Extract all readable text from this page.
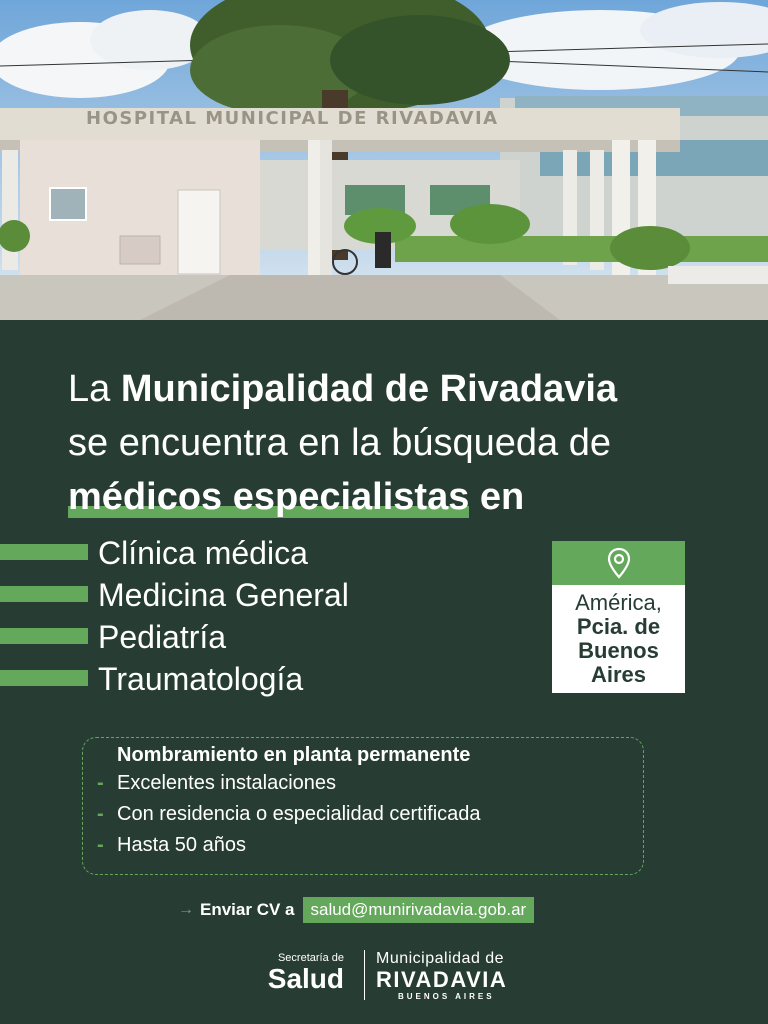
HOSPITAL MUNICIPAL DE RIVADAVIA
La Municipalidad de Rivadavia
se encuentra en la búsqueda de
médicos especialistas en
Clínica médica
Medicina General
Pediatría
Traumatología
América,
Pcia. de
Buenos
Aires
Nombramiento en planta permanente
- Excelentes instalaciones
- Con residencia o especialidad certificada
- Hasta 50 años
→ Enviar CV a salud@munirivadavia.gob.ar
Secretaría de
Salud
Municipalidad de
RIVADAVIA
BUENOS AIRES
